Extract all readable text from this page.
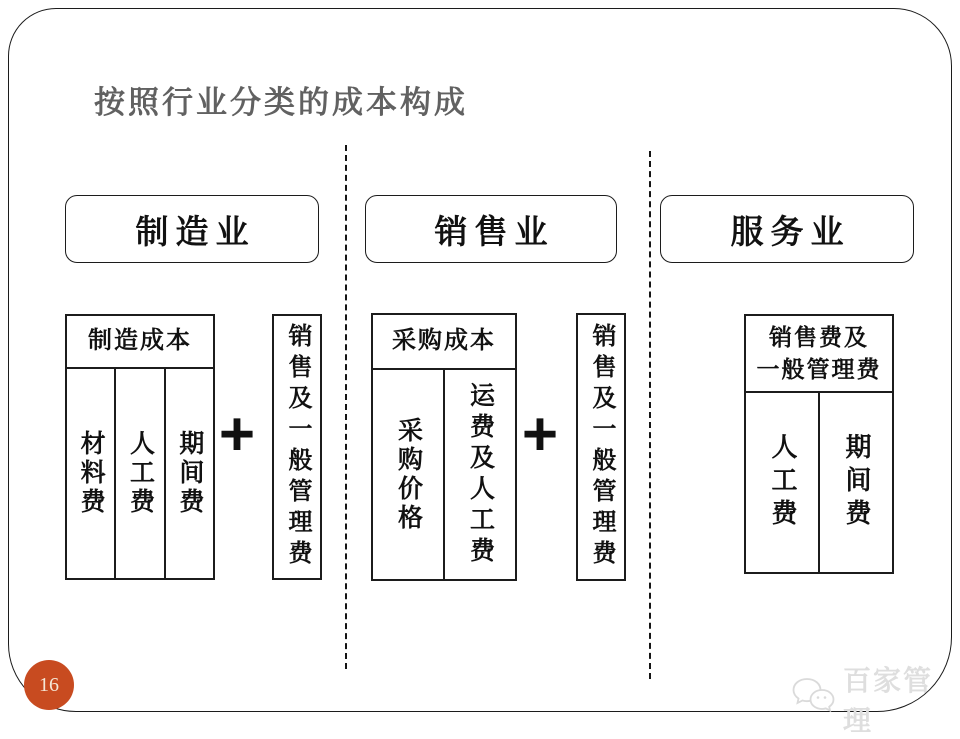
按照行业分类的成本构成
制造业	销售业	服务业
制造成本
材料费 人工费 期间费 +	销售及一般管理费	采购成本
采购价格 运费及人工费 +	销售及一般管理费	销售费及
一般管理费
人工费 期间费
16	百家管理
